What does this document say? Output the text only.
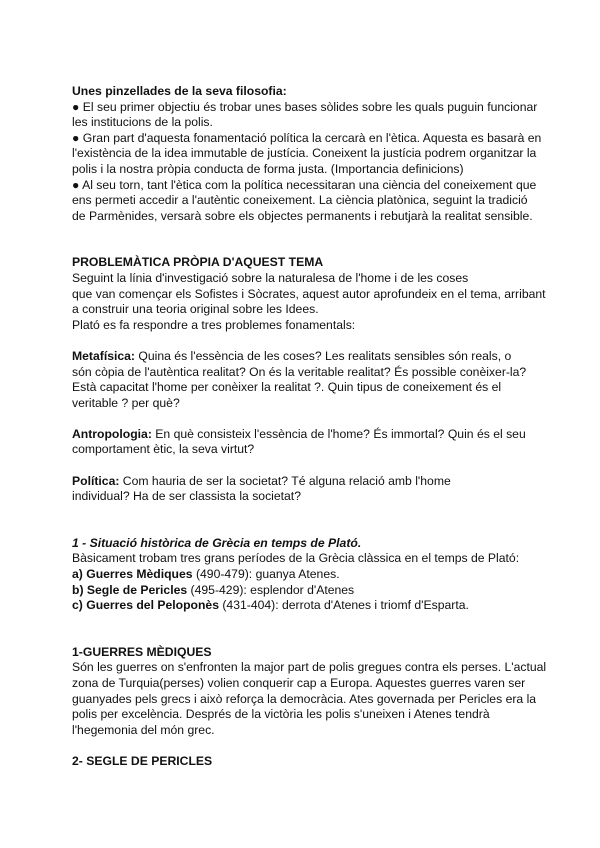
Unes pinzellades de la seva filosofia:
● El seu primer objectiu és trobar unes bases sòlides sobre les quals puguin funcionar
les institucions de la polis.
● Gran part d'aquesta fonamentació política la cercarà en l'ètica. Aquesta es basarà en
l'existència de la idea immutable de justícia. Coneixent la justícia podrem organitzar la
polis i la nostra pròpia conducta de forma justa. (Importancia definicions)
● Al seu torn, tant l'ètica com la política necessitaran una ciència del coneixement que
ens permeti accedir a l'autèntic coneixement. La ciència platònica, seguint la tradició
de Parmènides, versarà sobre els objectes permanents i rebutjarà la realitat sensible.
PROBLEMÀTICA PRÒPIA D'AQUEST TEMA
Seguint la línia d'investigació sobre la naturalesa de l'home i de les coses
que van començar els Sofistes i Sòcrates, aquest autor aprofundeix en el tema, arribant
a construir una teoria original sobre les Idees.
Plató es fa respondre a tres problemes fonamentals:
Metafísica: Quina és l'essència de les coses? Les realitats sensibles són reals, o
són còpia de l'autèntica realitat? On és la veritable realitat? És possible conèixer-la?
Està capacitat l'home per conèixer la realitat ?. Quin tipus de coneixement és el
veritable ? per què?
Antropologia: En què consisteix l'essència de l'home? És immortal? Quin és el seu
comportament ètic, la seva virtut?
Política: Com hauria de ser la societat? Té alguna relació amb l'home
individual? Ha de ser classista la societat?
1 - Situació històrica de Grècia en temps de Plató.
Bàsicament trobam tres grans períodes de la Grècia clàssica en el temps de Plató:
a) Guerres Mèdiques (490-479): guanya Atenes.
b) Segle de Pericles (495-429): esplendor d'Atenes
c) Guerres del Peloponès (431-404): derrota d'Atenes i triomf d'Esparta.
1-GUERRES MÈDIQUES
Són les guerres on s'enfronten la major part de polis gregues contra els perses. L'actual
zona de Turquia(perses) volien conquerir cap a Europa. Aquestes guerres varen ser
guanyades pels grecs i això reforça la democràcia. Ates governada per Pericles era la
polis per excelència. Després de la victòria les polis s'uneixen i Atenes tendrà
l'hegemonia del món grec.
2- SEGLE DE PERICLES
